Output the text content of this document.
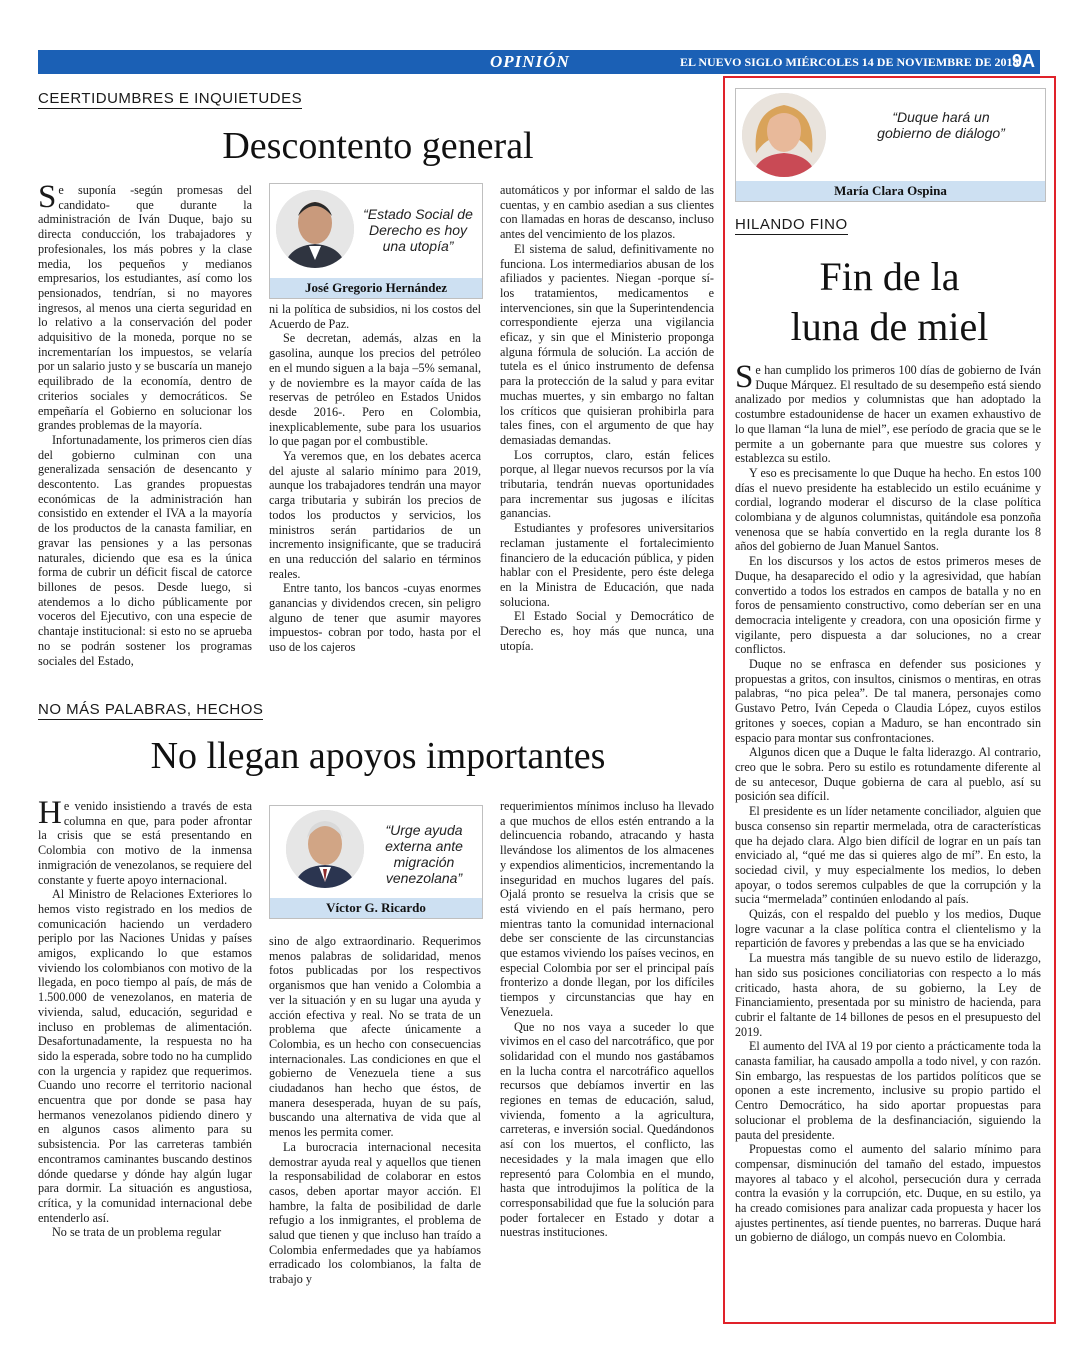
OPINIÓN	EL NUEVO SIGLO MIÉRCOLES 14 DE NOVIEMBRE DE 2018
9A
CEERTIDUMBRES E INQUIETUDES
Descontento general

Se suponía -según promesas del candidato- que durante la administración de Iván Duque, bajo su directa conducción, los trabajadores y profesionales, los más pobres y la clase media, los pequeños y medianos empresarios, los estudiantes, así como los pensionados, tendrían, si no mayores ingresos, al menos una cierta seguridad en lo relativo a la conservación del poder adquisitivo de la moneda, porque no se incrementarían los impuestos, se velaría por un salario justo y se buscaría un manejo equilibrado de la economía, dentro de criterios sociales y democráticos. Se empeñaría el Gobierno en solucionar los grandes problemas de la mayoría.

Infortunadamente, los primeros cien días del gobierno culminan con una generalizada sensación de desencanto y descontento. Las grandes propuestas económicas de la administración han consistido en extender el IVA a la mayoría de los productos de la canasta familiar, en gravar las pensiones y a las personas naturales, diciendo que esa es la única forma de cubrir un déficit fiscal de catorce billones de pesos. Desde luego, si atendemos a lo dicho públicamente por voceros del Ejecutivo, con una especie de chantaje institucional: si esto no se aprueba no se podrán sostener los programas sociales del Estado,

“Estado Social de Derecho es hoy una utopía”
José Gregorio Hernández

ni la política de subsidios, ni los costos del Acuerdo de Paz.

Se decretan, además, alzas en la gasolina, aunque los precios del petróleo en el mundo siguen a la baja –5% semanal, y de noviembre es la mayor caída de las reservas de petróleo en Estados Unidos desde 2016-. Pero en Colombia, inexplicablemente, sube para los usuarios lo que pagan por el combustible.

Ya veremos que, en los debates acerca del ajuste al salario mínimo para 2019, aunque los trabajadores tendrán una mayor carga tributaria y subirán los precios de todos los productos y servicios, los ministros serán partidarios de un incremento insignificante, que se traducirá en una reducción del salario en términos reales.

Entre tanto, los bancos -cuyas enormes ganancias y dividendos crecen, sin peligro alguno de tener que asumir mayores impuestos- cobran por todo, hasta por el uso de los cajeros

automáticos y por informar el saldo de las cuentas, y en cambio asedian a sus clientes con llamadas en horas de descanso, incluso antes del vencimiento de los plazos.

El sistema de salud, definitivamente no funciona. Los intermediarios abusan de los afiliados y pacientes. Niegan -porque sí- los tratamientos, medicamentos e intervenciones, sin que la Superintendencia correspondiente ejerza una vigilancia eficaz, y sin que el Ministerio proponga alguna fórmula de solución. La acción de tutela es el único instrumento de defensa para la protección de la salud y para evitar muchas muertes, y sin embargo no faltan los críticos que quisieran prohibirla para tales fines, con el argumento de que hay demasiadas demandas.

Los corruptos, claro, están felices porque, al llegar nuevos recursos por la vía tributaria, tendrán nuevas oportunidades para incrementar sus jugosas e ilícitas ganancias.

Estudiantes y profesores universitarios reclaman justamente el fortalecimiento financiero de la educación pública, y piden hablar con el Presidente, pero éste delega en la Ministra de Educación, que nada soluciona.

El Estado Social y Democrático de Derecho es, hoy más que nunca, una utopía.

NO MÁS PALABRAS, HECHOS
No llegan apoyos importantes

He venido insistiendo a través de esta columna en que, para poder afrontar la crisis que se está presentando en Colombia con motivo de la inmensa inmigración de venezolanos, se requiere del constante y fuerte apoyo internacional.

Al Ministro de Relaciones Exteriores lo hemos visto registrado en los medios de comunicación haciendo un verdadero periplo por las Naciones Unidas y países amigos, explicando lo que estamos viviendo los colombianos con motivo de la llegada, en poco tiempo al país, de más de 1.500.000 de venezolanos, en materia de vivienda, salud, educación, seguridad e incluso en problemas de alimentación. Desafortunadamente, la respuesta no ha sido la esperada, sobre todo no ha cumplido con la urgencia y rapidez que requerimos. Cuando uno recorre el territorio nacional encuentra que por donde se pasa hay hermanos venezolanos pidiendo dinero y en algunos casos alimento para su subsistencia. Por las carreteras también encontramos caminantes buscando destinos dónde quedarse y dónde hay algún lugar para dormir. La situación es angustiosa, crítica, y la comunidad internacional debe entenderlo así.

No se trata de un problema regular

“Urge ayuda externa ante migración venezolana”
Víctor G. Ricardo

sino de algo extraordinario. Requerimos menos palabras de solidaridad, menos fotos publicadas por los respectivos organismos que han venido a Colombia a ver la situación y en su lugar una ayuda y acción efectiva y real. No se trata de un problema que afecte únicamente a Colombia, es un hecho con consecuencias internacionales. Las condiciones en que el gobierno de Venezuela tiene a sus ciudadanos han hecho que éstos, de manera desesperada, huyan de su país, buscando una alternativa de vida que al menos les permita comer.

La burocracia internacional necesita demostrar ayuda real y aquellos que tienen la responsabilidad de colaborar en estos casos, deben aportar mayor acción. El hambre, la falta de posibilidad de darle refugio a los inmigrantes, el problema de salud que tienen y que incluso han traído a Colombia enfermedades que ya habíamos erradicado los colombianos, la falta de trabajo y

requerimientos mínimos incluso ha llevado a que muchos de ellos estén entrando a la delincuencia robando, atracando y hasta llevándose los alimentos de los almacenes y expendios alimenticios, incrementando la inseguridad en muchos lugares del país. Ojalá pronto se resuelva la crisis que se está viviendo en el país hermano, pero mientras tanto la comunidad internacional debe ser consciente de las circunstancias que estamos viviendo los países vecinos, en especial Colombia por ser el principal país fronterizo a donde llegan, por los difíciles tiempos y circunstancias que hay en Venezuela.

Que no nos vaya a suceder lo que vivimos en el caso del narcotráfico, que por solidaridad con el mundo nos gastábamos en la lucha contra el narcotráfico aquellos recursos que debíamos invertir en las regiones en temas de educación, salud, vivienda, fomento a la agricultura, carreteras, e inversión social. Quedándonos así con los muertos, el conflicto, las necesidades y la mala imagen que ello representó para Colombia en el mundo, hasta que introdujimos la política de la corresponsabilidad que fue la solución para poder fortalecer en Estado y dotar a nuestras instituciones.

“Duque hará un gobierno de diálogo”
María Clara Ospina
HILANDO FINO
Fin de la
luna de miel

Se han cumplido los primeros 100 días de gobierno de Iván Duque Márquez. El resultado de su desempeño está siendo analizado por medios y columnistas que han adoptado la costumbre estadounidense de hacer un examen exhaustivo de lo que llaman “la luna de miel”, ese período de gracia que se le permite a un gobernante para que muestre sus colores y establezca su estilo.

Y eso es precisamente lo que Duque ha hecho. En estos 100 días el nuevo presidente ha establecido un estilo ecuánime y cordial, logrando moderar el discurso de la clase política colombiana y de algunos columnistas, quitándole esa ponzoña venenosa que se había convertido en la regla durante los 8 años del gobierno de Juan Manuel Santos.

En los discursos y los actos de estos primeros meses de Duque, ha desaparecido el odio y la agresividad, que habían convertido a todos los estrados en campos de batalla y no en foros de pensamiento constructivo, como deberían ser en una democracia inteligente y creadora, con una oposición firme y vigilante, pero dispuesta a dar soluciones, no a crear conflictos.

Duque no se enfrasca en defender sus posiciones y propuestas a gritos, con insultos, cinismos o mentiras, en otras palabras, “no pica pelea”. De tal manera, personajes como Gustavo Petro, Iván Cepeda o Claudia López, cuyos estilos gritones y soeces, copian a Maduro, se han encontrado sin espacio para montar sus confrontaciones.

Algunos dicen que a Duque le falta liderazgo. Al contrario, creo que le sobra. Pero su estilo es rotundamente diferente al de su antecesor, Duque gobierna de cara al pueblo, así su posición sea difícil.

El presidente es un líder netamente conciliador, alguien que busca consenso sin repartir mermelada, otra de características que ha dejado clara. Algo bien difícil de lograr en un país tan enviciado al, “qué me das si quieres algo de mí”. En esto, la sociedad civil, y muy especialmente los medios, lo deben apoyar, o todos seremos culpables de que la corrupción y la sucia “mermelada” continúen enlodando al país.

Quizás, con el respaldo del pueblo y los medios, Duque logre vacunar a la clase política contra el clientelismo y la repartición de favores y prebendas a las que se ha enviciado

La muestra más tangible de su nuevo estilo de liderazgo, han sido sus posiciones conciliatorias con respecto a lo más criticado, hasta ahora, de su gobierno, la Ley de Financiamiento, presentada por su ministro de hacienda, para cubrir el faltante de 14 billones de pesos en el presupuesto del 2019.

El aumento del IVA al 19 por ciento a prácticamente toda la canasta familiar, ha causado ampolla a todo nivel, y con razón. Sin embargo, las respuestas de los partidos políticos que se oponen a este incremento, inclusive su propio partido el Centro Democrático, ha sido aportar propuestas para solucionar el problema de la desfinanciación, siguiendo la pauta del presidente.

Propuestas como el aumento del salario mínimo para compensar, disminución del tamaño del estado, impuestos mayores al tabaco y el alcohol, persecución dura y cerrada contra la evasión y la corrupción, etc. Duque, en su estilo, ya ha creado comisiones para analizar cada propuesta y hacer los ajustes pertinentes, así tiende puentes, no barreras. Duque hará un gobierno de diálogo, un compás nuevo en Colombia.
